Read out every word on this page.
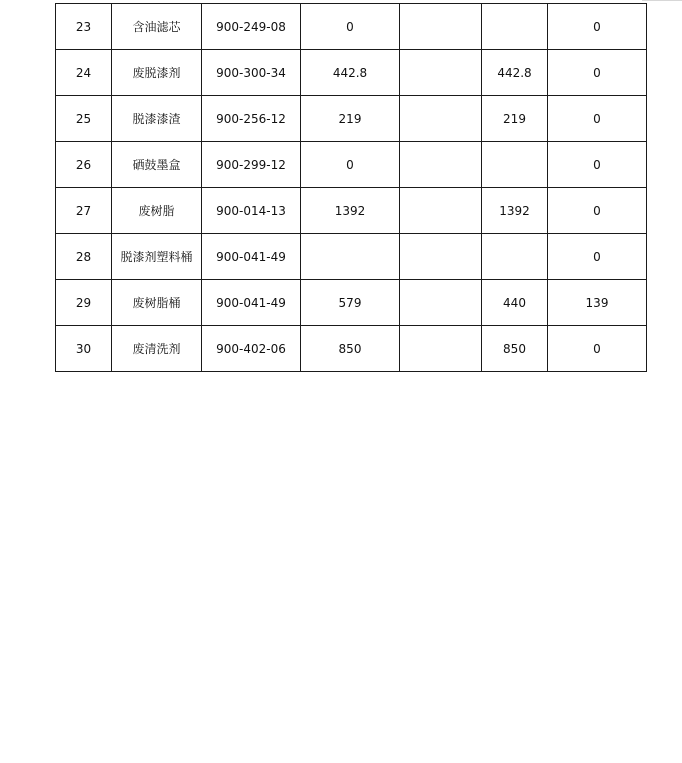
23	含油滤芯	900-249-08	0			0
24	废脱漆剂	900-300-34	442.8		442.8	0
25	脱漆漆渣	900-256-12	219		219	0
26	硒鼓墨盒	900-299-12	0			0
27	废树脂	900-014-13	1392		1392	0
28	脱漆剂塑料桶	900-041-49				0
29	废树脂桶	900-041-49	579		440	139
30	废清洗剂	900-402-06	850		850	0
